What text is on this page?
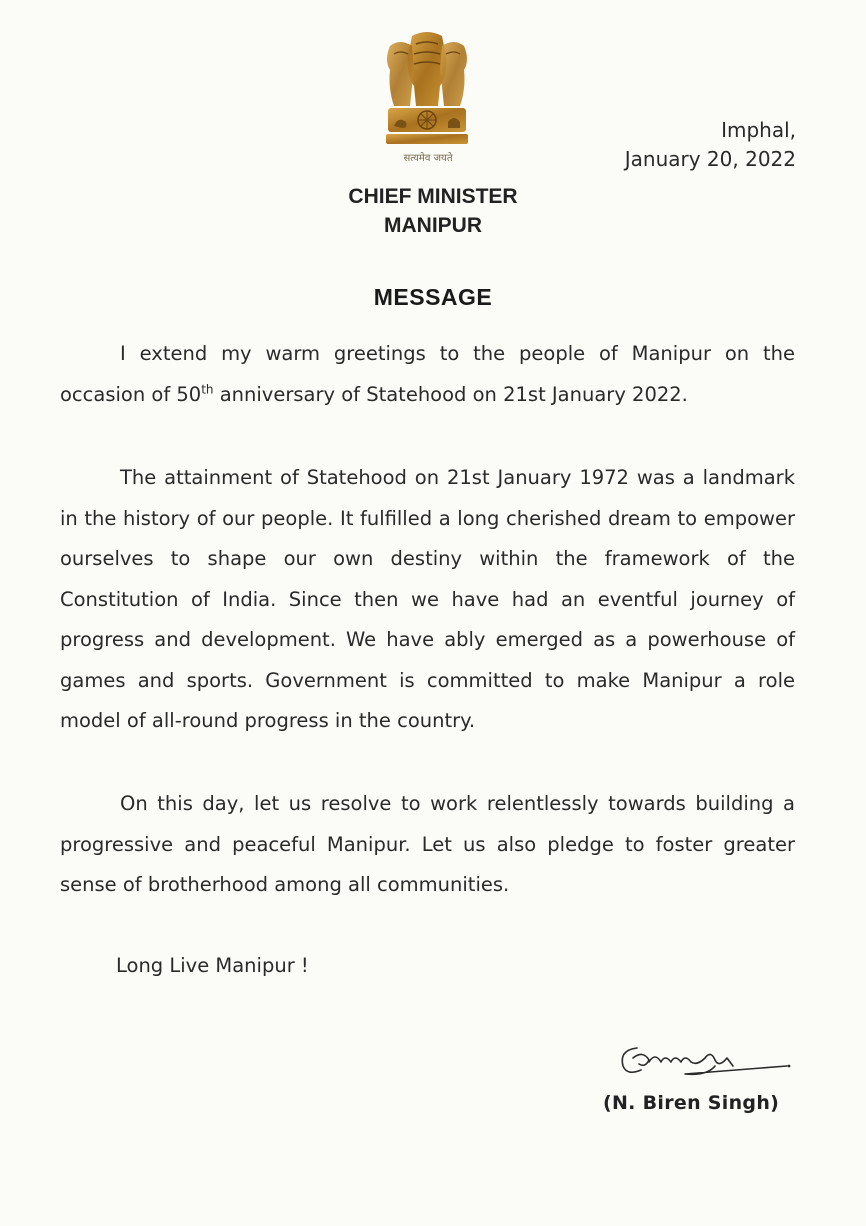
सत्यमेव जयते
Imphal,
January 20, 2022
CHIEF MINISTER
MANIPUR
MESSAGE

I extend my warm greetings to the people of Manipur on the occasion of 50th anniversary of Statehood on 21st January 2022.

The attainment of Statehood on 21st January 1972 was a landmark in the history of our people. It fulfilled a long cherished dream to empower ourselves to shape our own destiny within the framework of the Constitution of India. Since then we have had an eventful journey of progress and development. We have ably emerged as a powerhouse of games and sports. Government is committed to make Manipur a role model of all-round progress in the country.

On this day, let us resolve to work relentlessly towards building a progressive and peaceful Manipur. Let us also pledge to foster greater sense of brotherhood among all communities.

Long Live Manipur !
(N. Biren Singh)
